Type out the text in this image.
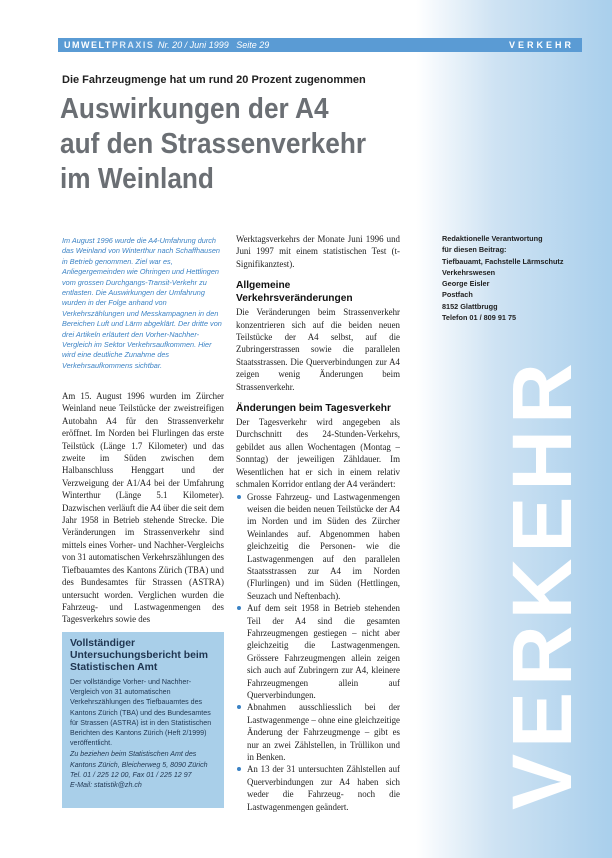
UMWELTPRAXIS Nr. 20 / Juni 1999   Seite 29	VERKEHR
Die Fahrzeugmenge hat um rund 20 Prozent zugenommen
Auswirkungen der A4
auf den Strassenverkehr
im Weinland
Im August 1996 wurde die A4-Umfahrung durch das Weinland von Winterthur nach Schaffhausen in Betrieb genommen. Ziel war es, Anliegergemeinden wie Ohringen und Hettlingen vom grossen Durchgangs-Transit-Verkehr zu entlasten. Die Auswirkungen der Umfahrung wurden in der Folge anhand von Verkehrszählungen und Messkampagnen in den Bereichen Luft und Lärm abgeklärt. Der dritte von drei Artikeln erläutert den Vorher-Nachher-Vergleich im Sektor Verkehrsaufkommen. Hier wird eine deutliche Zunahme des Verkehrsaufkommens sichtbar.
Am 15. August 1996 wurden im Zürcher Weinland neue Teilstücke der zweistreifigen Autobahn A4 für den Strassenverkehr eröffnet. Im Norden bei Flurlingen das erste Teilstück (Länge 1.7 Kilometer) und das zweite im Süden zwischen dem Halbanschluss Henggart und der Verzweigung der A1/A4 bei der Umfahrung Winterthur (Länge 5.1 Kilometer). Dazwischen verläuft die A4 über die seit dem Jahr 1958 in Betrieb stehende Strecke. Die Veränderungen im Strassenverkehr sind mittels eines Vorher- und Nachher-Vergleichs von 31 automatischen Verkehrszählungen des Tiefbauamtes des Kantons Zürich (TBA) und des Bundesamtes für Strassen (ASTRA) untersucht worden. Verglichen wurden die Fahrzeug- und Lastwagenmengen des Tagesverkehrs sowie des
Vollständiger Untersuchungsbericht beim Statistischen Amt
Der vollständige Vorher- und Nachher-Vergleich von 31 automatischen Verkehrszählungen des Tiefbauamtes des Kantons Zürich (TBA) und des Bundesamtes für Strassen (ASTRA) ist in den Statistischen Berichten des Kantons Zürich (Heft 2/1999) veröffentlicht.
Zu beziehen beim Statistischen Amt des
Kantons Zürich, Bleicherweg 5, 8090 Zürich
Tel. 01 / 225 12 00, Fax 01 / 225 12 97
E-Mail: statistik@zh.ch

Werktagsverkehrs der Monate Juni 1996 und Juni 1997 mit einem statistischen Test (t-Signifikanztest).

Allgemeine Verkehrsveränderungen

Die Veränderungen beim Strassenverkehr konzentrieren sich auf die beiden neuen Teilstücke der A4 selbst, auf die Zubringerstrassen sowie die parallelen Staatsstrassen. Die Querverbindungen zur A4 zeigen wenig Änderungen beim Strassenverkehr.

Änderungen beim Tagesverkehr

Der Tagesverkehr wird angegeben als Durchschnitt des 24-Stunden-Verkehrs, gebildet aus allen Wochentagen (Montag – Sonntag) der jeweiligen Zähldauer. Im Wesentlichen hat er sich in einem relativ schmalen Korridor entlang der A4 verändert:

Grosse Fahrzeug- und Lastwagenmengen weisen die beiden neuen Teilstücke der A4 im Norden und im Süden des Zürcher Weinlandes auf. Abgenommen haben gleichzeitig die Personen- wie die Lastwagenmengen auf den parallelen Staatsstrassen zur A4 im Norden (Flurlingen) und im Süden (Hettlingen, Seuzach und Neftenbach).
Auf dem seit 1958 in Betrieb stehenden Teil der A4 sind die gesamten Fahrzeugmengen gestiegen – nicht aber gleichzeitig die Lastwagenmengen. Grössere Fahrzeugmengen allein zeigen sich auch auf Zubringern zur A4, kleinere Fahrzeugmengen allein auf Querverbindungen.
Abnahmen ausschliesslich bei der Lastwagenmenge – ohne eine gleichzeitige Änderung der Fahrzeugmenge – gibt es nur an zwei Zählstellen, in Trüllikon und in Benken.
An 13 der 31 untersuchten Zählstellen auf Querverbindungen zur A4 haben sich weder die Fahrzeug- noch die Lastwagenmengen geändert.
Redaktionelle Verantwortung
für diesen Beitrag:
Tiefbauamt, Fachstelle Lärmschutz
Verkehrswesen
George Eisler
Postfach
8152 Glattbrugg
Telefon 01 / 809 91 75
VERKEHR
